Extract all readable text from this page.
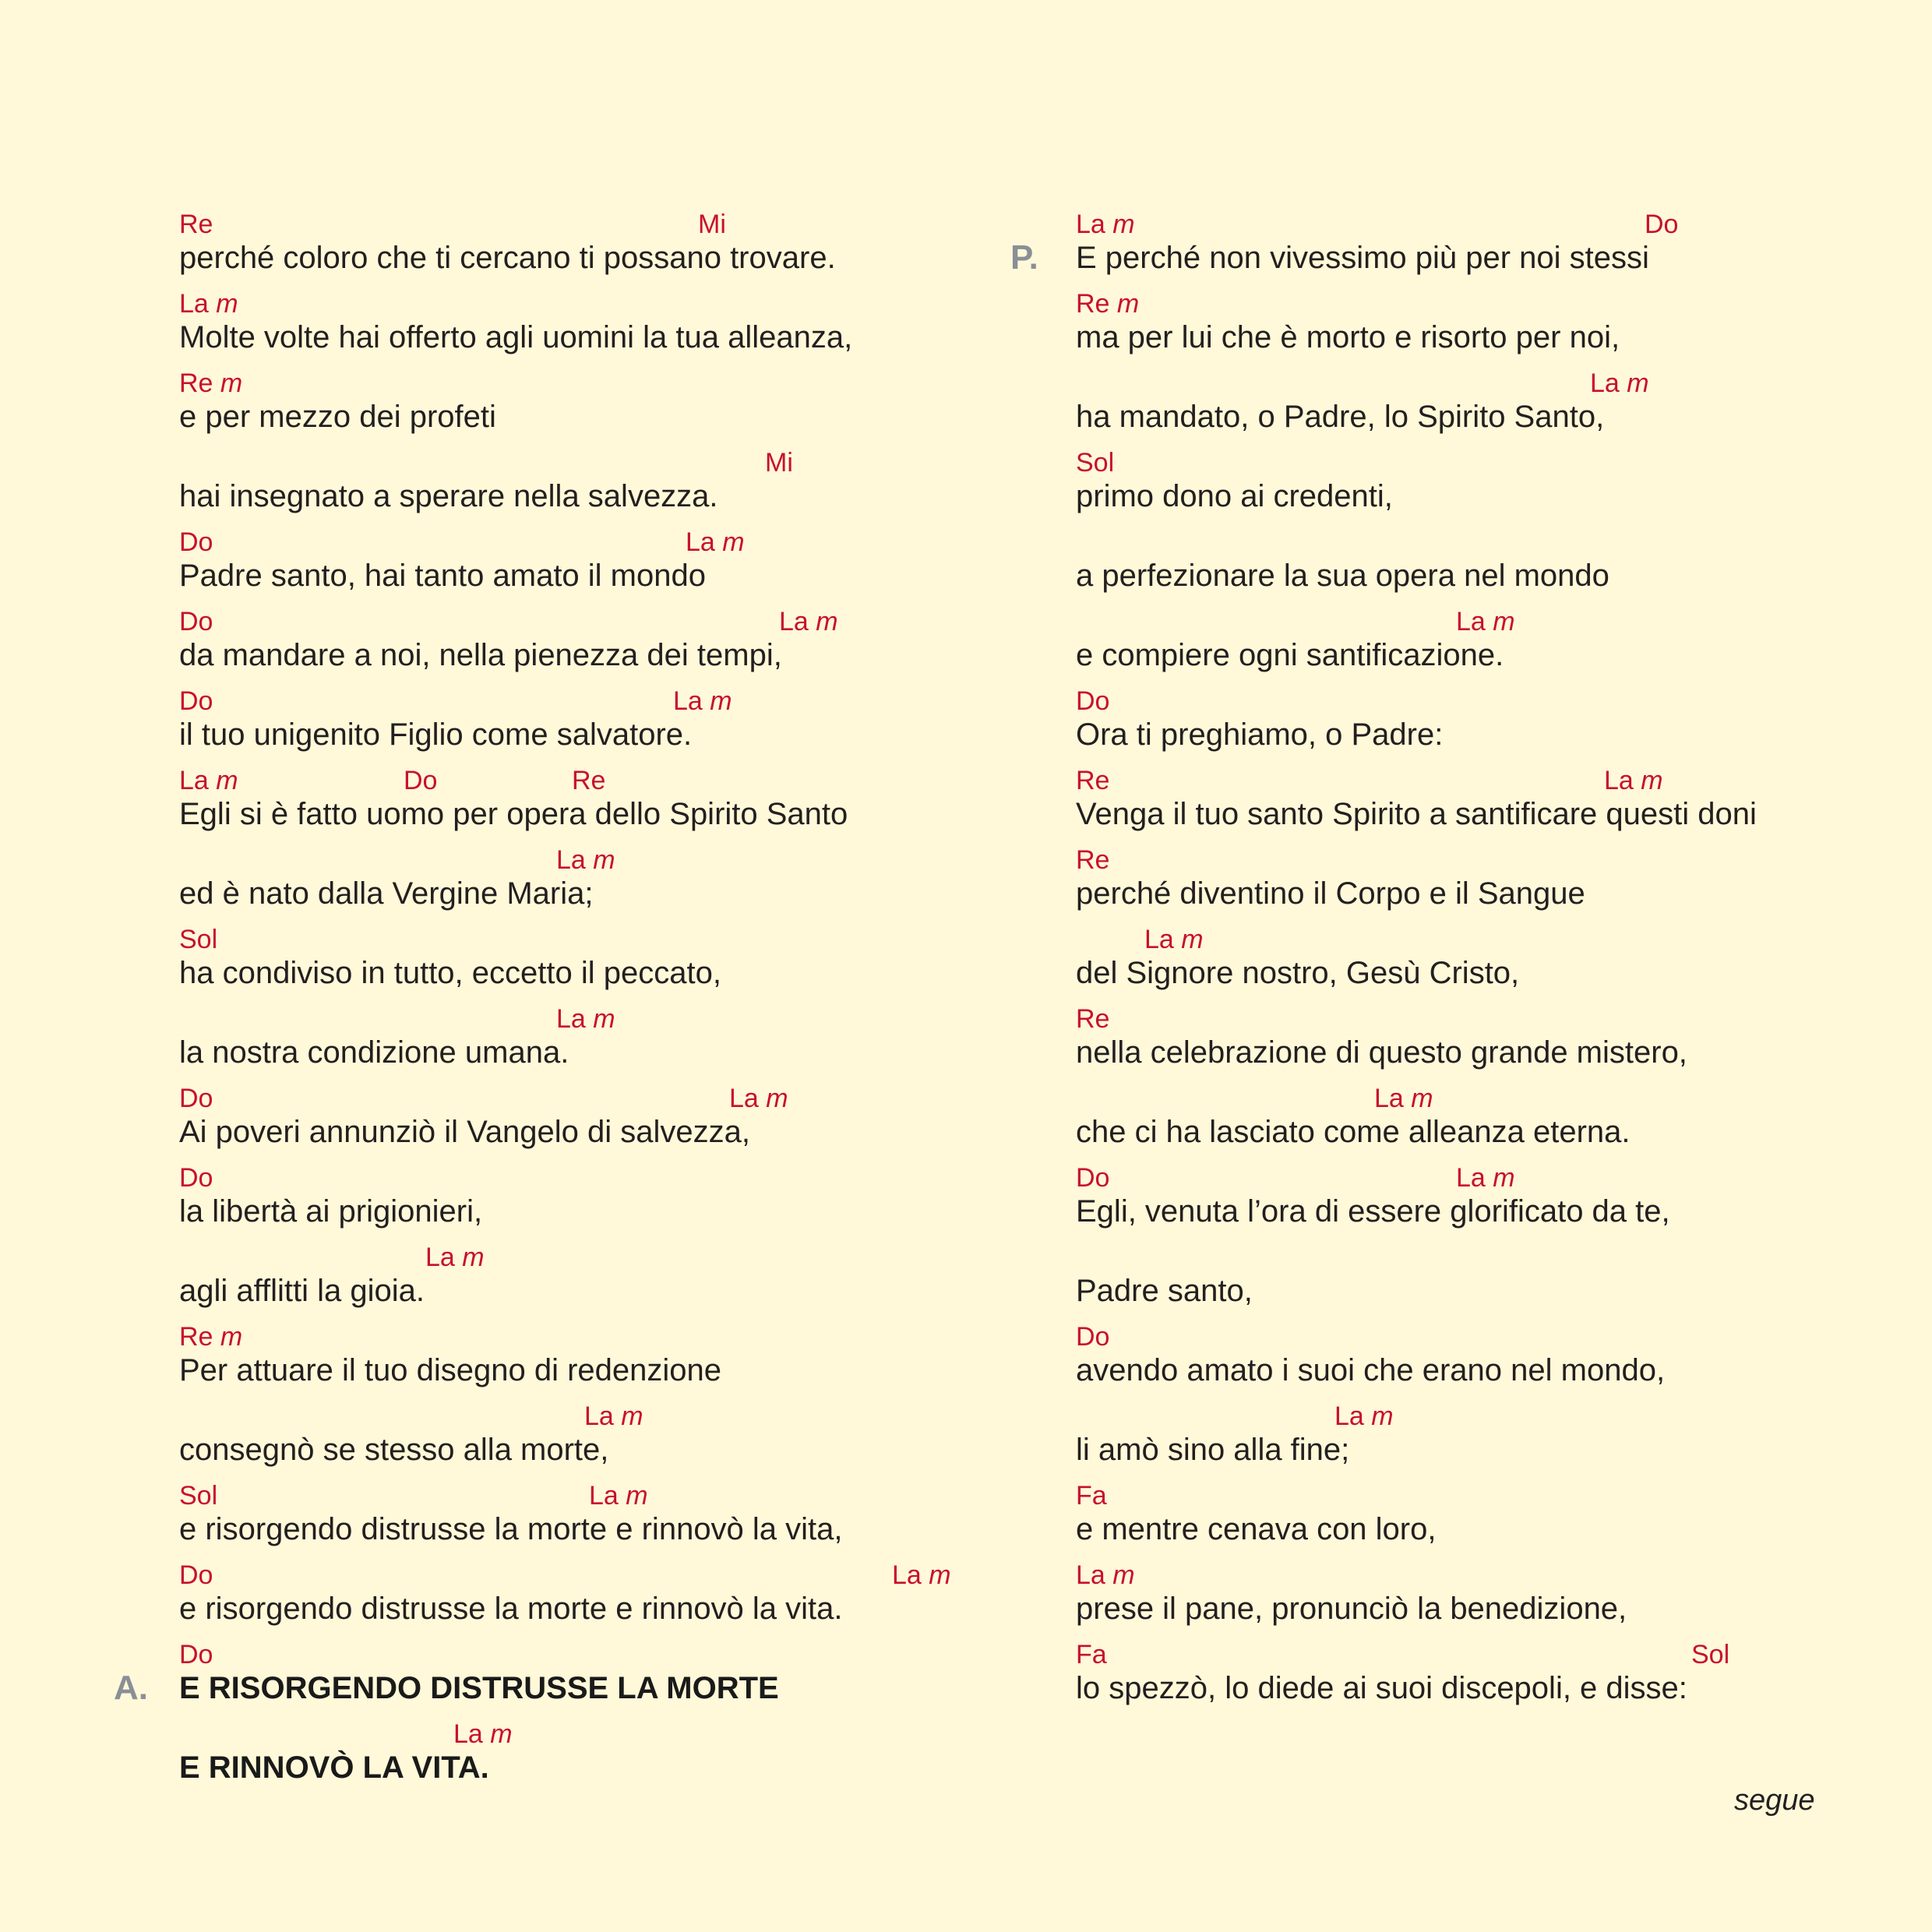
Re	Mi
perché coloro che ti cercano ti possano trovare.
La m
Molte volte hai offerto agli uomini la tua alleanza,
Re m
e per mezzo dei profeti
Mi
hai insegnato a sperare nella salvezza.
Do	La m
Padre santo, hai tanto amato il mondo
Do	La m
da mandare a noi, nella pienezza dei tempi,
Do	La m
il tuo unigenito Figlio come salvatore.
La m	Do	Re
Egli si è fatto uomo per opera dello Spirito Santo
La m
ed è nato dalla Vergine Maria;
Sol
ha condiviso in tutto, eccetto il peccato,
La m
la nostra condizione umana.
Do	La m
Ai poveri annunziò il Vangelo di salvezza,
Do
la libertà ai prigionieri,
La m
agli afflitti la gioia.
Re m
Per attuare il tuo disegno di redenzione
La m
consegnò se stesso alla morte,
Sol	La m
e risorgendo distrusse la morte e rinnovò la vita,
Do	La m
e risorgendo distrusse la morte e rinnovò la vita.
Do
A. E RISORGENDO DISTRUSSE LA MORTE
La m
E RINNOVÒ LA VITA.
La m	Do
P. E perché non vivessimo più per noi stessi
Re m
ma per lui che è morto e risorto per noi,
La m
ha mandato, o Padre, lo Spirito Santo,
Sol
primo dono ai credenti,
a perfezionare la sua opera nel mondo
La m
e compiere ogni santificazione.
Do
Ora ti preghiamo, o Padre:
Re	La m
Venga il tuo santo Spirito a santificare questi doni
Re
perché diventino il Corpo e il Sangue
La m
del Signore nostro, Gesù Cristo,
Re
nella celebrazione di questo grande mistero,
La m
che ci ha lasciato come alleanza eterna.
Do	La m
Egli, venuta l’ora di essere glorificato da te,
Padre santo,
Do
avendo amato i suoi che erano nel mondo,
La m
li amò sino alla fine;
Fa
e mentre cenava con loro,
La m
prese il pane, pronunciò la benedizione,
Fa	Sol
lo spezzò, lo diede ai suoi discepoli, e disse:
segue
